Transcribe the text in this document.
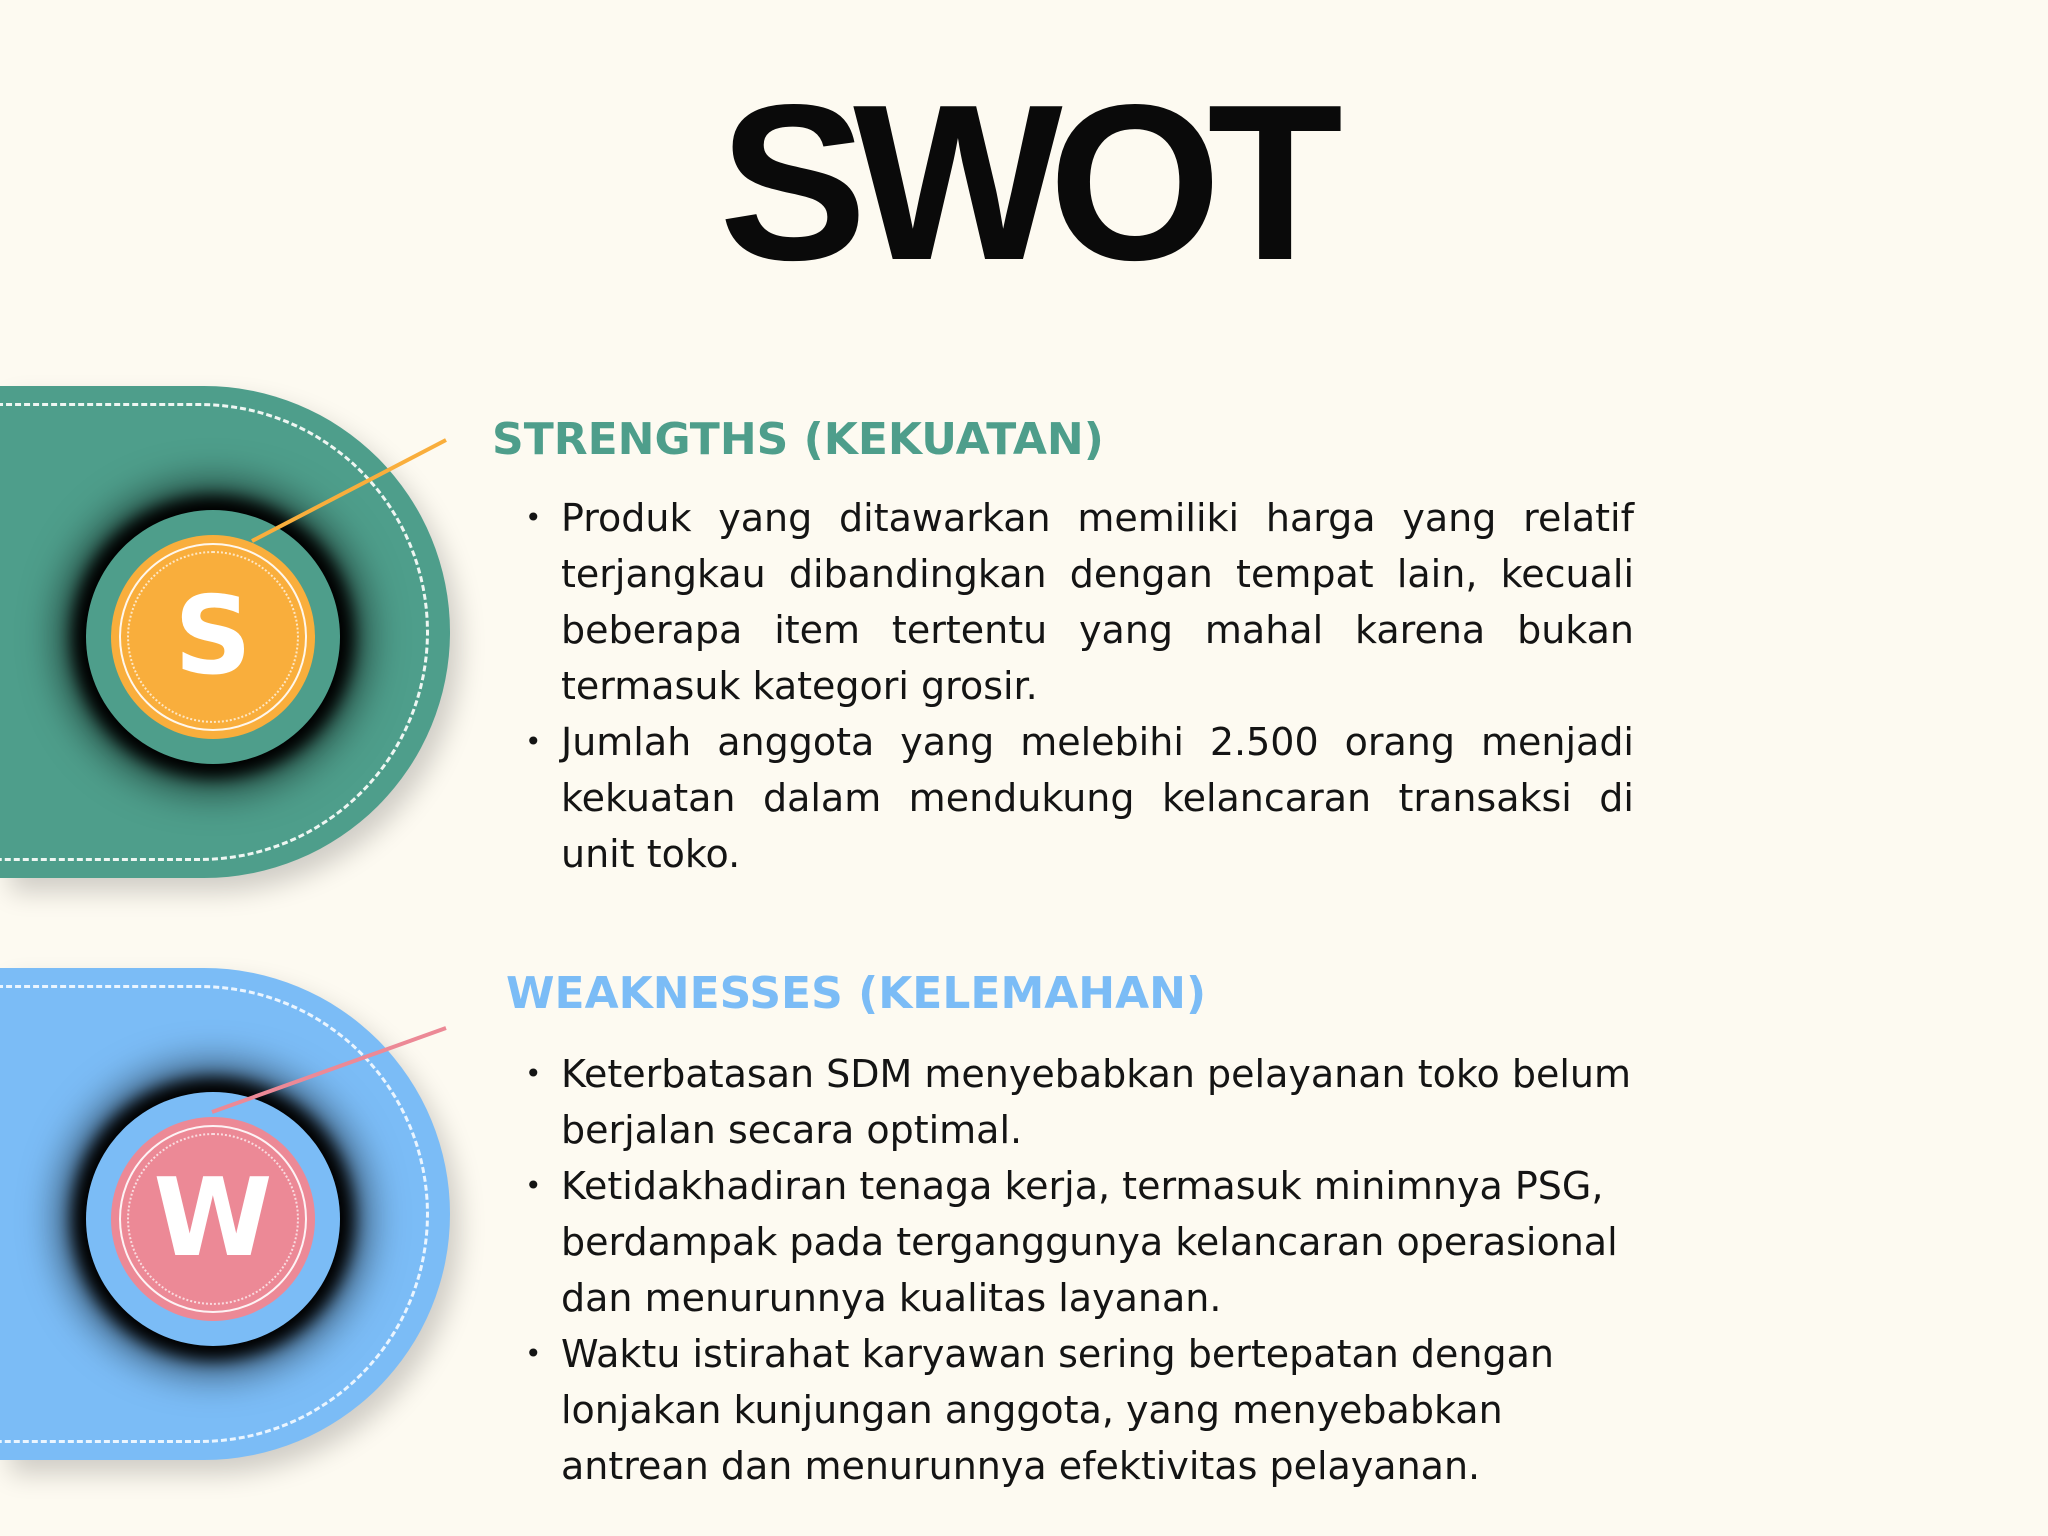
SWOT
S
W
STRENGTHS (KEKUATAN)
• Produk yang ditawarkan memiliki harga yang relatif terjangkau dibandingkan dengan tempat lain, kecuali beberapa item tertentu yang mahal karena bukan termasuk kategori grosir.
• Jumlah anggota yang melebihi 2.500 orang menjadi kekuatan dalam mendukung kelancaran transaksi di unit toko.
WEAKNESSES (KELEMAHAN)
• Keterbatasan SDM menyebabkan pelayanan toko belum berjalan secara optimal.
• Ketidakhadiran tenaga kerja, termasuk minimnya PSG, berdampak pada terganggunya kelancaran operasional dan menurunnya kualitas layanan.
• Waktu istirahat karyawan sering bertepatan dengan lonjakan kunjungan anggota, yang menyebabkan antrean dan menurunnya efektivitas pelayanan.
